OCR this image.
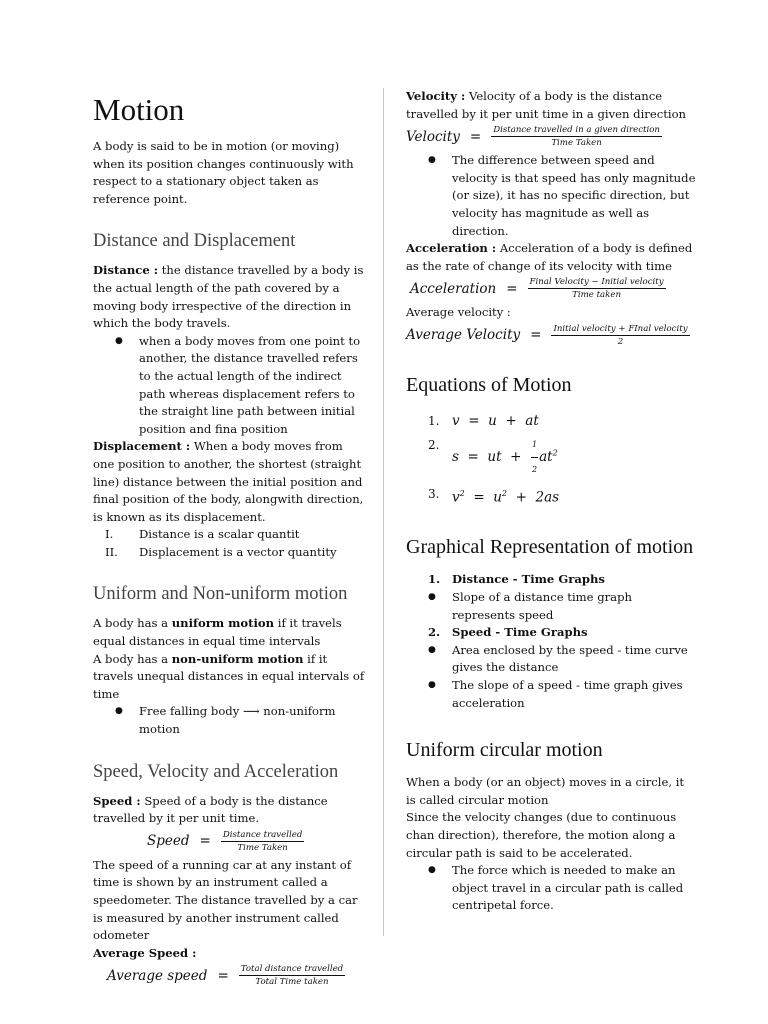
Motion

A body is said to be in motion (or moving) when its position changes continuously with respect to a stationary object taken as reference point.

Distance and Displacement

Distance : the distance travelled by a body is the actual length of the path covered by a moving body irrespective of the direction in which the body travels.

● when a body moves from one point to another, the distance travelled refers to the actual length of the indirect path whereas displacement refers to the straight line path between initial position and fina position

Displacement : When a body moves from one position to another, the shortest (straight line) distance between the initial position and final position of the body, alongwith direction, is known as its displacement.

I. Distance is a scalar quantit
II. Displacement is a vector quantity
Uniform and Non-uniform motion

A body has a uniform motion if it travels equal distances in equal time intervals

A body has a non-uniform motion if it travels unequal distances in equal intervals of time

● Free falling body ⟶ non-uniform motion
Speed, Velocity and Acceleration

Speed : Speed of a body is the distance travelled by it per unit time.

Speed = $\frac{\text{Distance travelled}}{\text{Time Taken}}$

The speed of a running car at any instant of time is shown by an instrument called a speedometer. The distance travelled by a car is measured by another instrument called odometer

Average Speed :

Average speed = $\frac{\text{Total distance travelled}}{\text{Total Time taken}}$

Velocity : Velocity of a body is the distance travelled by it per unit time in a given direction

Velocity = $\frac{\text{Distance travelled in a given direction}}{\text{Time Taken}}$
● The difference between speed and velocity is that speed has only magnitude (or size), it has no specific direction, but velocity has magnitude as well as direction.

Acceleration : Acceleration of a body is defined as the rate of change of its velocity with time

Acceleration = $\frac{\text{Final Velocity − Initial velocity}}{\text{Time taken}}$

Average velocity :

Average Velocity = $\frac{\text{Initial velocity + FInal velocity}}{2}$
Equations of Motion
1. v  =  u  +  at
2.
s  =  ut  + $\frac{1}{2} at^2$
3. $v^2 = u^2 + 2as$
Graphical Representation of motion
1. Distance - Time Graphs
● Slope of a distance time graph represents speed
2. Speed - Time Graphs
● Area enclosed by the speed - time curve gives the distance
● The slope of a speed - time graph gives acceleration
Uniform circular motion

When a body (or an object) moves in a circle, it is called circular motion

Since the velocity changes (due to continuous chan direction), therefore, the motion along a circular path is said to be accelerated.

● The force which is needed to make an object travel in a circular path is called centripetal force.
